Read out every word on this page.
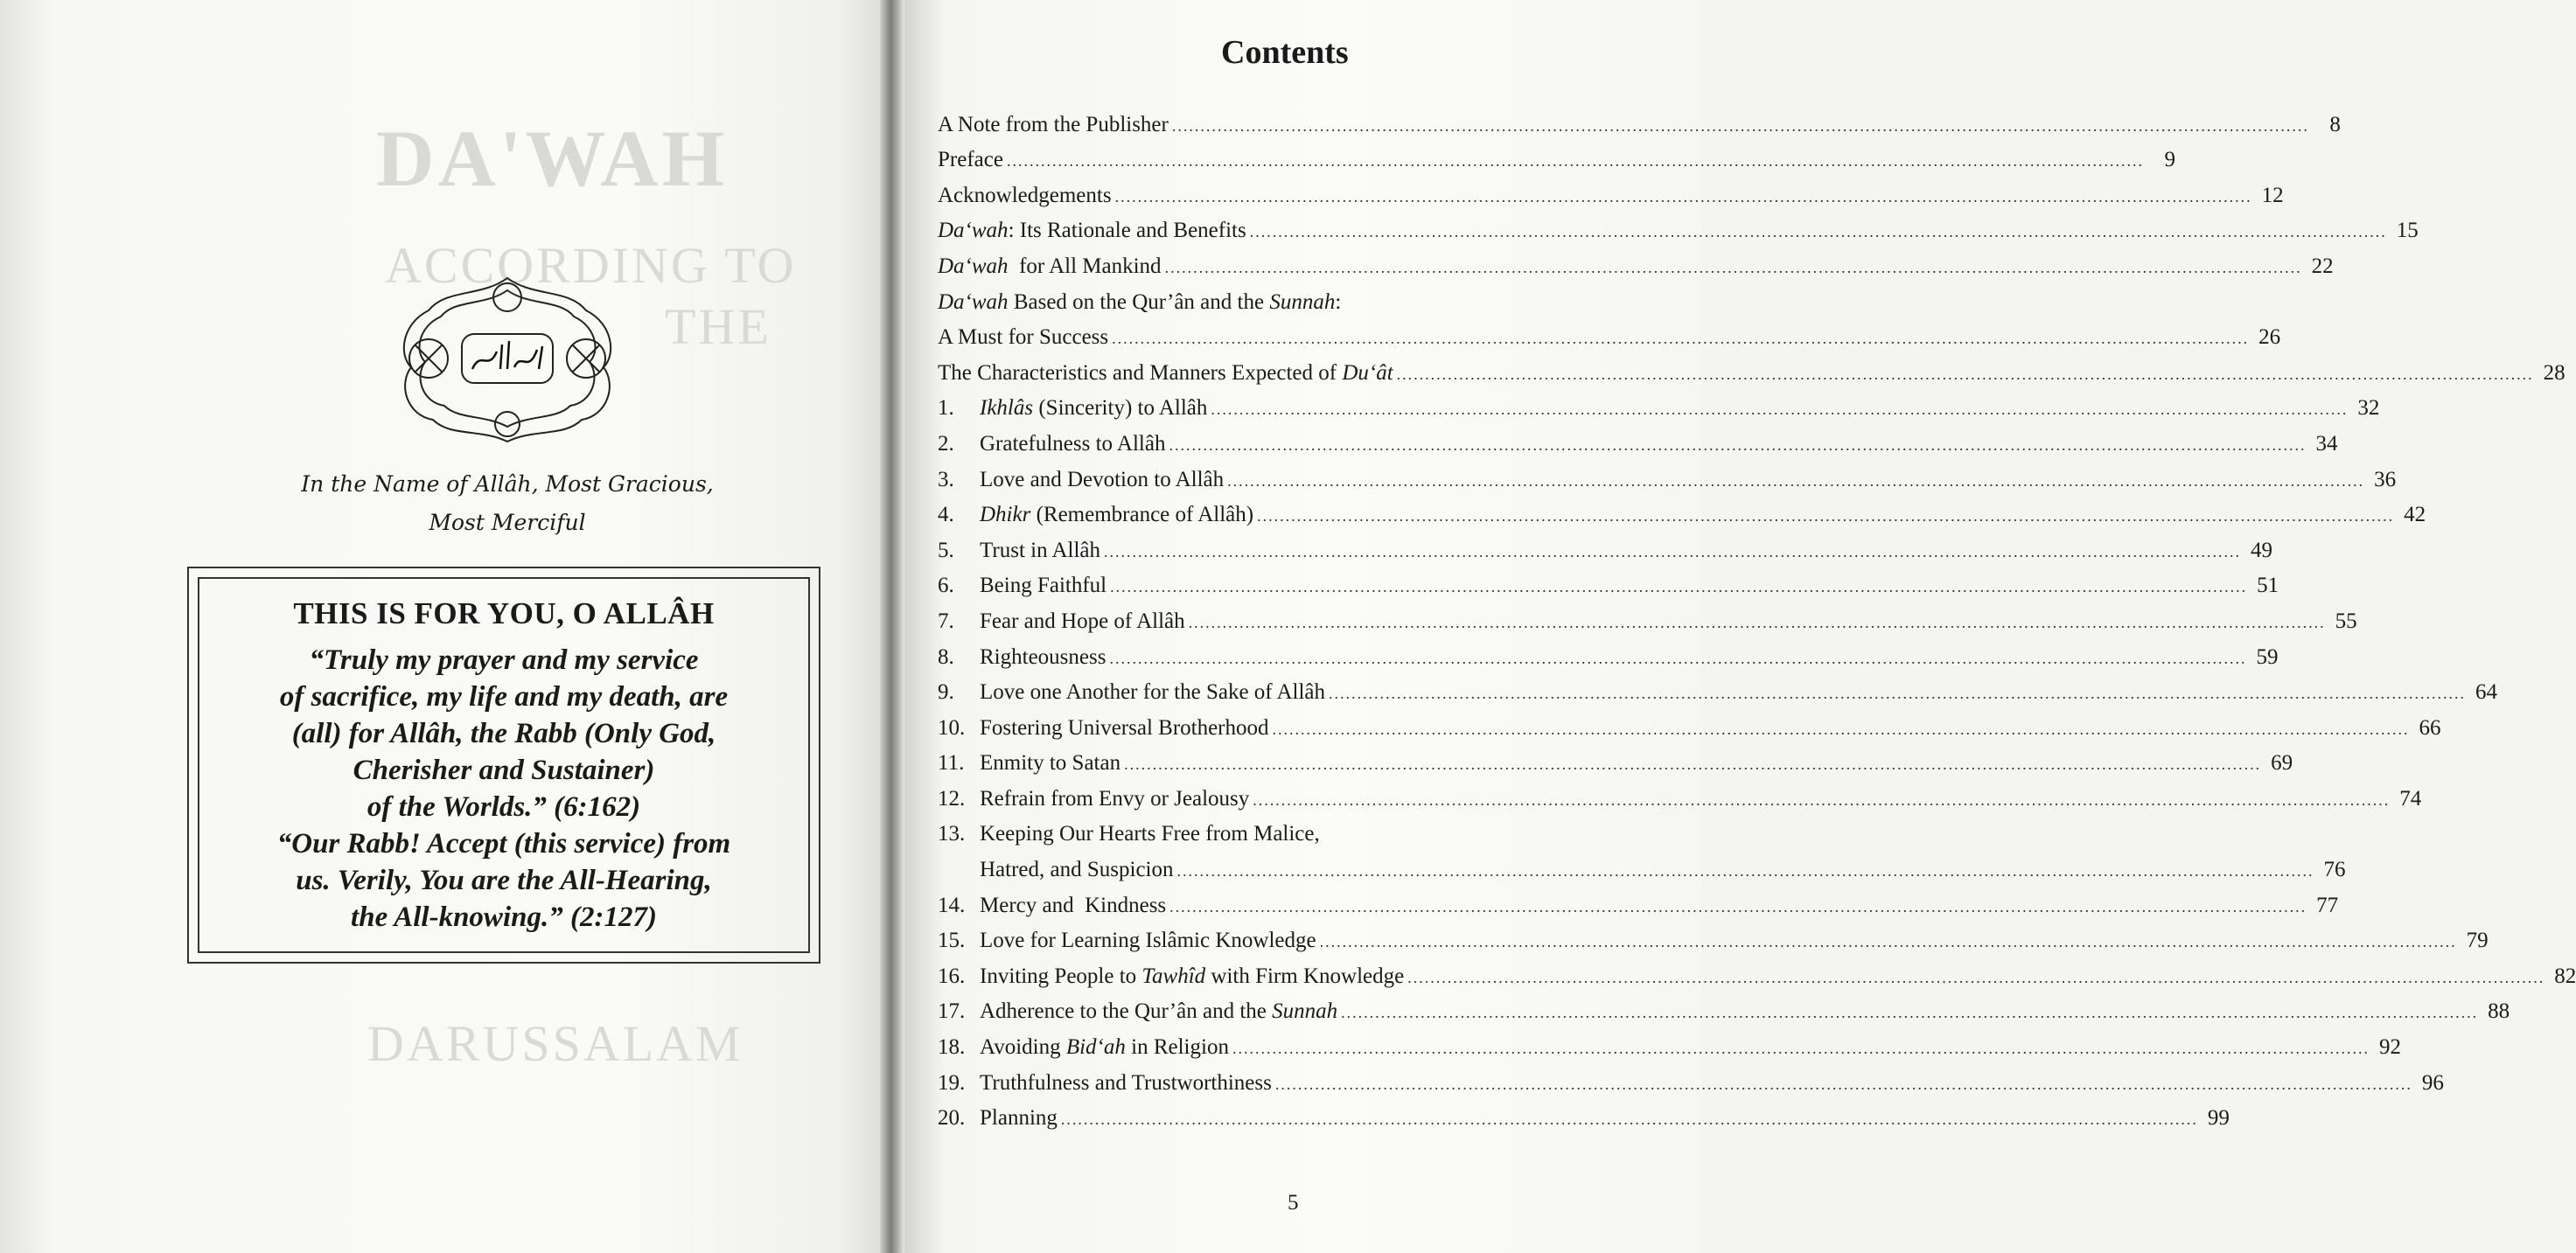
DA'WAH
ACCORDING TO
THE
DARUSSALAM
In the Name of Allâh, Most Gracious,
Most Merciful
THIS IS FOR YOU, O ALLÂH
“Truly my prayer and my service
of sacrifice, my life and my death, are
(all) for Allâh, the Rabb (Only God,
Cherisher and Sustainer)
of the Worlds.” (6:162)
“Our Rabb! Accept (this service) from
us. Verily, You are the All-Hearing,
the All-knowing.” (2:127)
Contents
A Note from the Publisher ........................................................................................................................................................................................................ 8
Preface ........................................................................................................................................................................................................ 9
Acknowledgements ........................................................................................................................................................................................................ 12
Da‘wah: Its Rationale and Benefits ........................................................................................................................................................................................................ 15
Da‘wah  for All Mankind ........................................................................................................................................................................................................ 22
Da‘wah Based on the Qur’ân and the Sunnah:
A Must for Success ........................................................................................................................................................................................................ 26
The Characteristics and Manners Expected of Du‘ât ........................................................................................................................................................................................................ 28
1.	Ikhlâs (Sincerity) to Allâh ........................................................................................................................................................................................................ 32
2.	Gratefulness to Allâh ........................................................................................................................................................................................................ 34
3.	Love and Devotion to Allâh ........................................................................................................................................................................................................ 36
4.	Dhikr (Remembrance of Allâh) ........................................................................................................................................................................................................ 42
5.	Trust in Allâh ........................................................................................................................................................................................................ 49
6.	Being Faithful ........................................................................................................................................................................................................ 51
7.	Fear and Hope of Allâh ........................................................................................................................................................................................................ 55
8.	Righteousness ........................................................................................................................................................................................................ 59
9.	Love one Another for the Sake of Allâh ........................................................................................................................................................................................................ 64
10. Fostering Universal Brotherhood ........................................................................................................................................................................................................ 66
11. Enmity to Satan ........................................................................................................................................................................................................ 69
12. Refrain from Envy or Jealousy ........................................................................................................................................................................................................ 74
13. Keeping Our Hearts Free from Malice,
Hatred, and Suspicion ........................................................................................................................................................................................................ 76
14. Mercy and  Kindness ........................................................................................................................................................................................................ 77
15. Love for Learning Islâmic Knowledge ........................................................................................................................................................................................................ 79
16. Inviting People to Tawhîd with Firm Knowledge ........................................................................................................................................................................................................ 82
17. Adherence to the Qur’ân and the Sunnah ........................................................................................................................................................................................................ 88
18. Avoiding Bid‘ah in Religion ........................................................................................................................................................................................................ 92
19. Truthfulness and Trustworthiness ........................................................................................................................................................................................................ 96
20. Planning ........................................................................................................................................................................................................ 99
5
